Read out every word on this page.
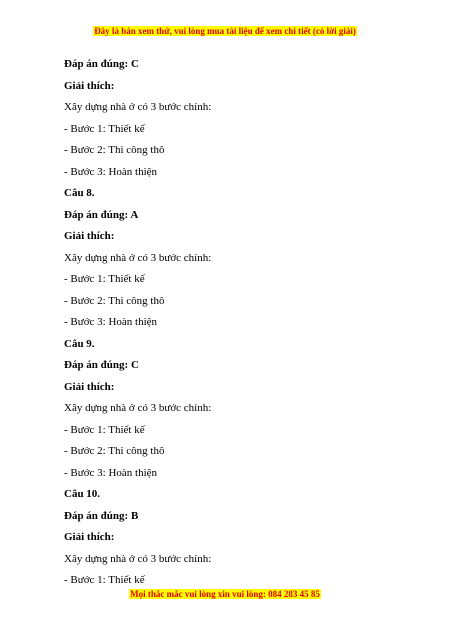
Đây là bản xem thử, vui lòng mua tài liệu để xem chi tiết (có lời giải)
Đáp án đúng: C
Giải thích:
Xây dựng nhà ở có 3 bước chính:
- Bước 1: Thiết kế
- Bước 2: Thi công thô
- Bước 3: Hoàn thiện
Câu 8.
Đáp án đúng: A
Giải thích:
Xây dựng nhà ở có 3 bước chính:
- Bước 1: Thiết kế
- Bước 2: Thi công thô
- Bước 3: Hoàn thiện
Câu 9.
Đáp án đúng: C
Giải thích:
Xây dựng nhà ở có 3 bước chính:
- Bước 1: Thiết kế
- Bước 2: Thi công thô
- Bước 3: Hoàn thiện
Câu 10.
Đáp án đúng: B
Giải thích:
Xây dựng nhà ở có 3 bước chính:
- Bước 1: Thiết kế
Mọi thắc mắc vui lòng xin vui lòng: 084 283 45 85
